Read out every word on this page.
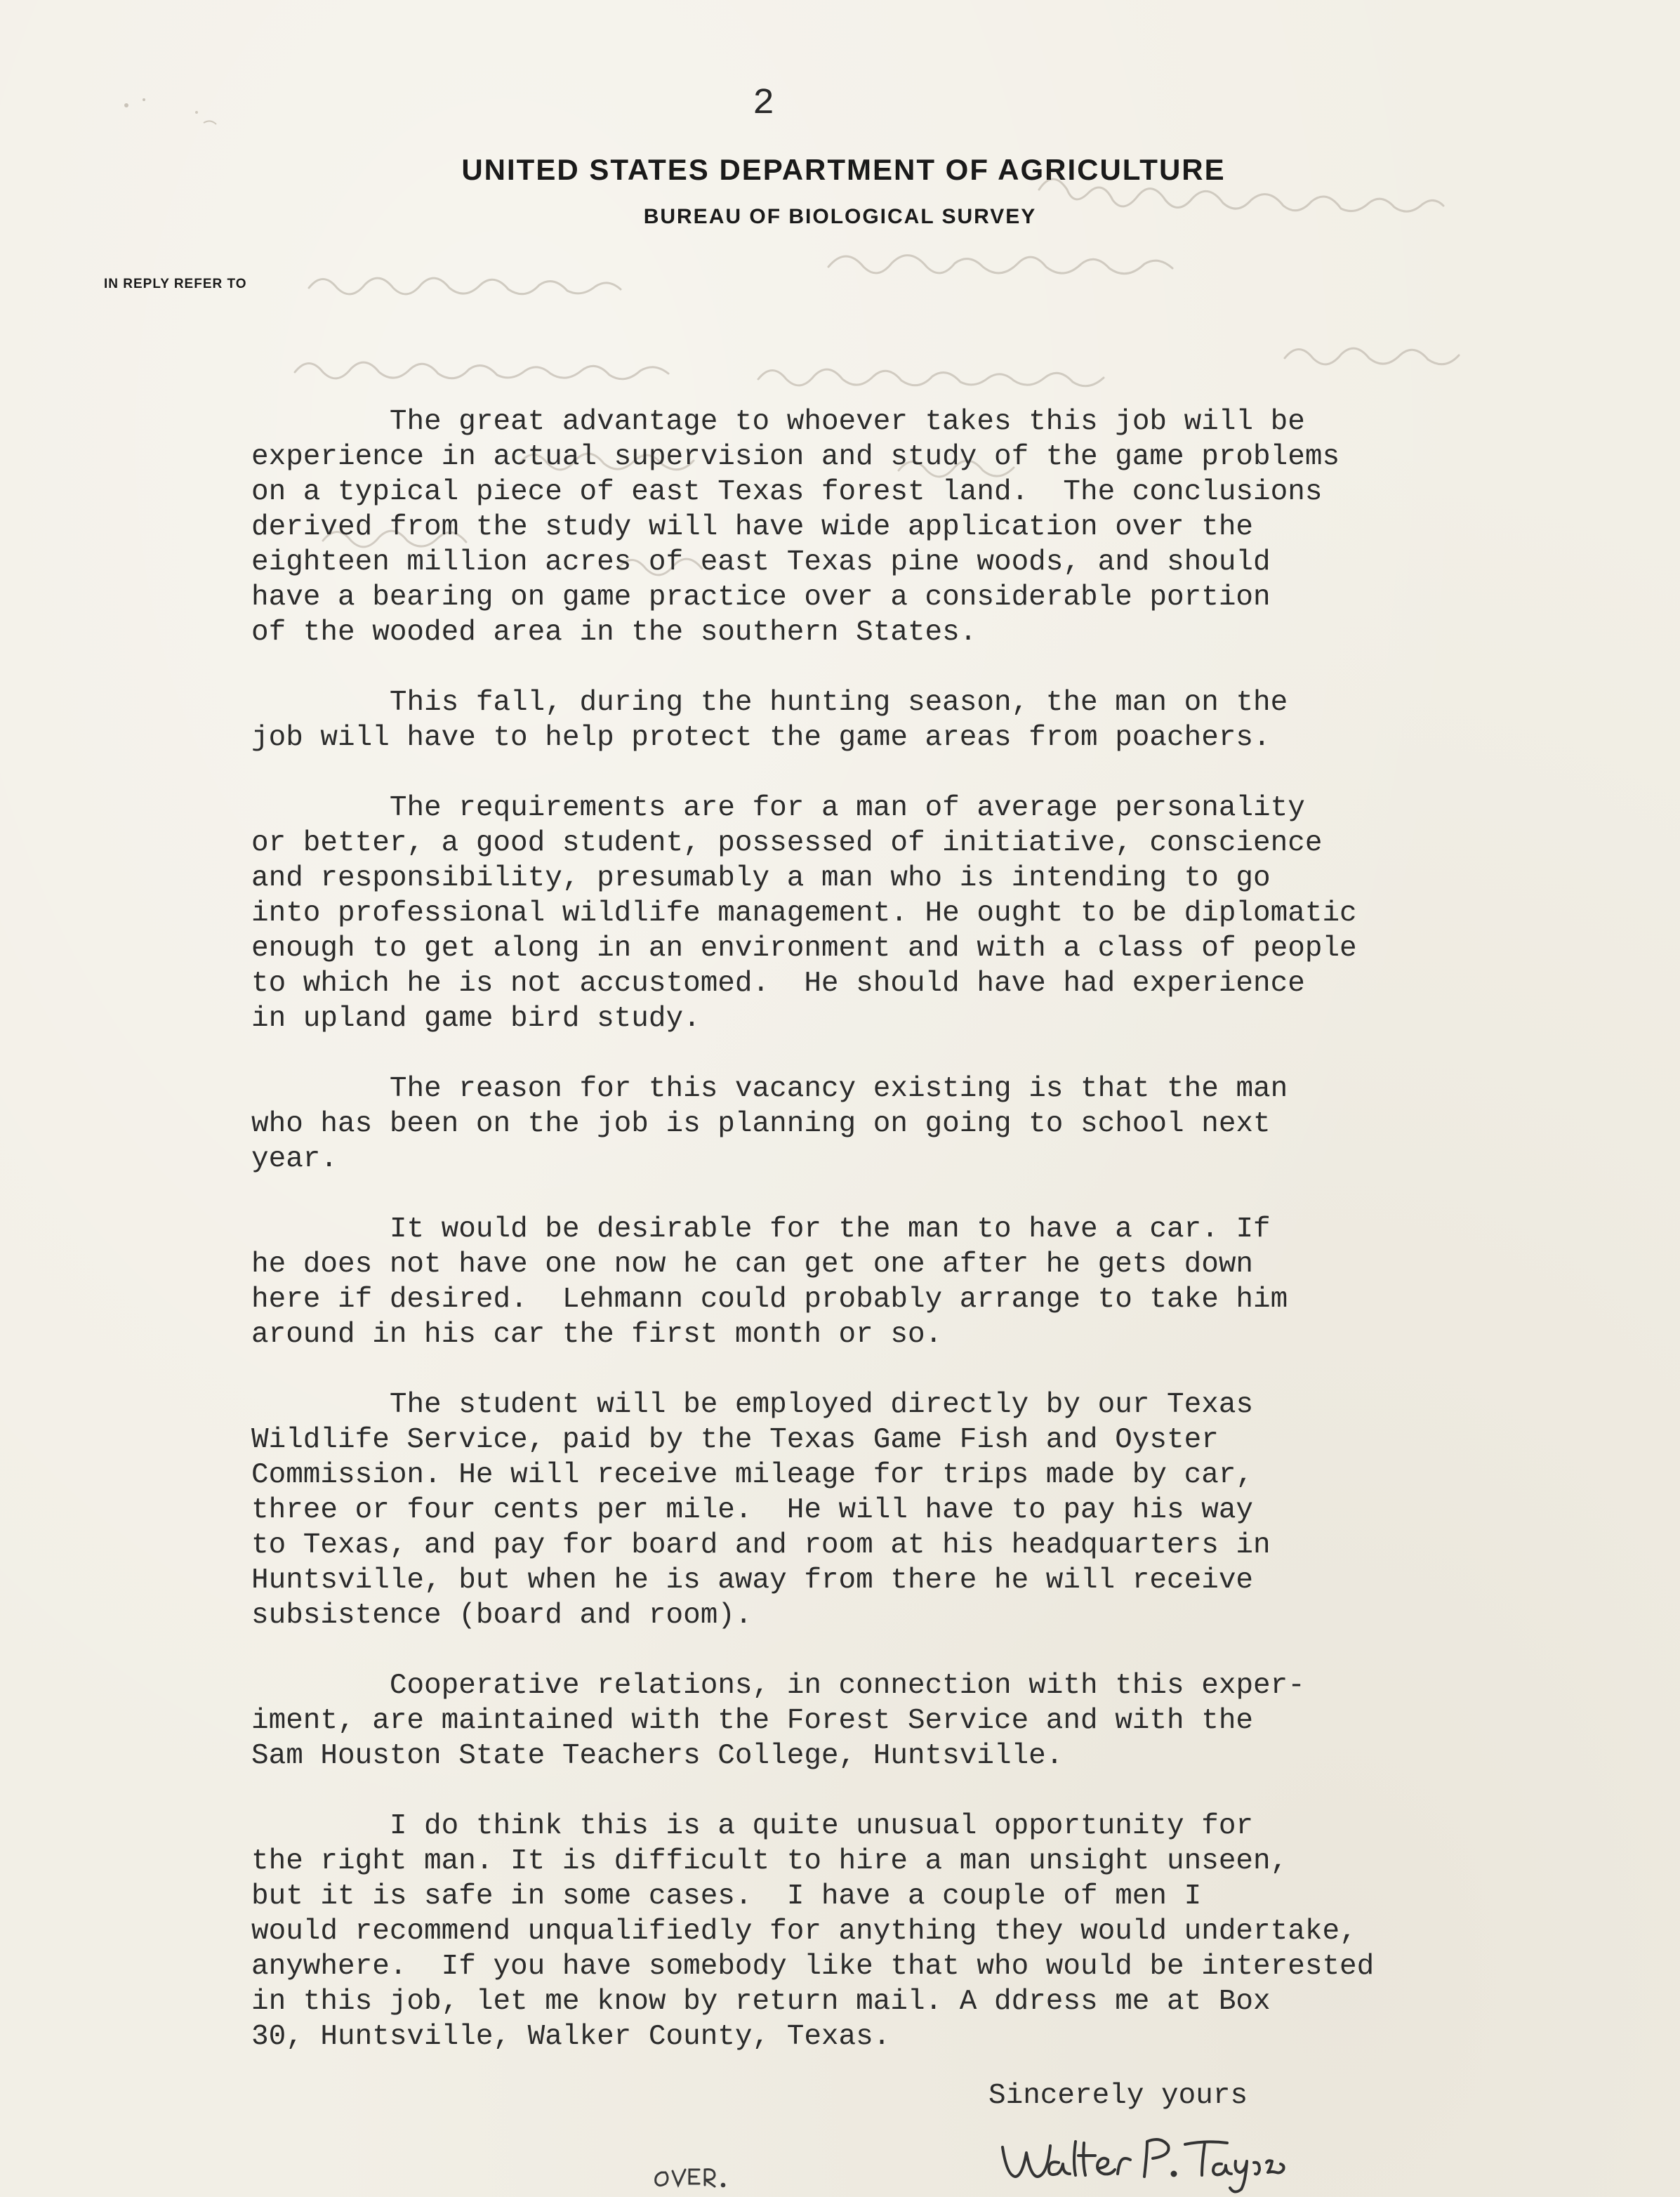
2
UNITED STATES DEPARTMENT OF AGRICULTURE
BUREAU OF BIOLOGICAL SURVEY
IN REPLY REFER TO

The great advantage to whoever takes this job will be
experience in actual supervision and study of the game problems
on a typical piece of east Texas forest land.  The conclusions
derived from the study will have wide application over the
eighteen million acres of east Texas pine woods, and should
have a bearing on game practice over a considerable portion
of the wooded area in the southern States.

This fall, during the hunting season, the man on the
job will have to help protect the game areas from poachers.

The requirements are for a man of average personality
or better, a good student, possessed of initiative, conscience
and responsibility, presumably a man who is intending to go
into professional wildlife management. He ought to be diplomatic
enough to get along in an environment and with a class of people
to which he is not accustomed.  He should have had experience
in upland game bird study.

The reason for this vacancy existing is that the man
who has been on the job is planning on going to school next
year.

It would be desirable for the man to have a car. If
he does not have one now he can get one after he gets down
here if desired.  Lehmann could probably arrange to take him
around in his car the first month or so.

The student will be employed directly by our Texas
Wildlife Service, paid by the Texas Game Fish and Oyster
Commission. He will receive mileage for trips made by car,
three or four cents per mile.  He will have to pay his way
to Texas, and pay for board and room at his headquarters in
Huntsville, but when he is away from there he will receive
subsistence (board and room).

Cooperative relations, in connection with this exper-
iment, are maintained with the Forest Service and with the
Sam Houston State Teachers College, Huntsville.

I do think this is a quite unusual opportunity for
the right man. It is difficult to hire a man unsight unseen,
but it is safe in some cases.  I have a couple of men I
would recommend unqualifiedly for anything they would undertake,
anywhere.  If you have somebody like that who would be interested
in this job, let me know by return mail. A ddress me at Box
30, Huntsville, Walker County, Texas.

Sincerely yours
